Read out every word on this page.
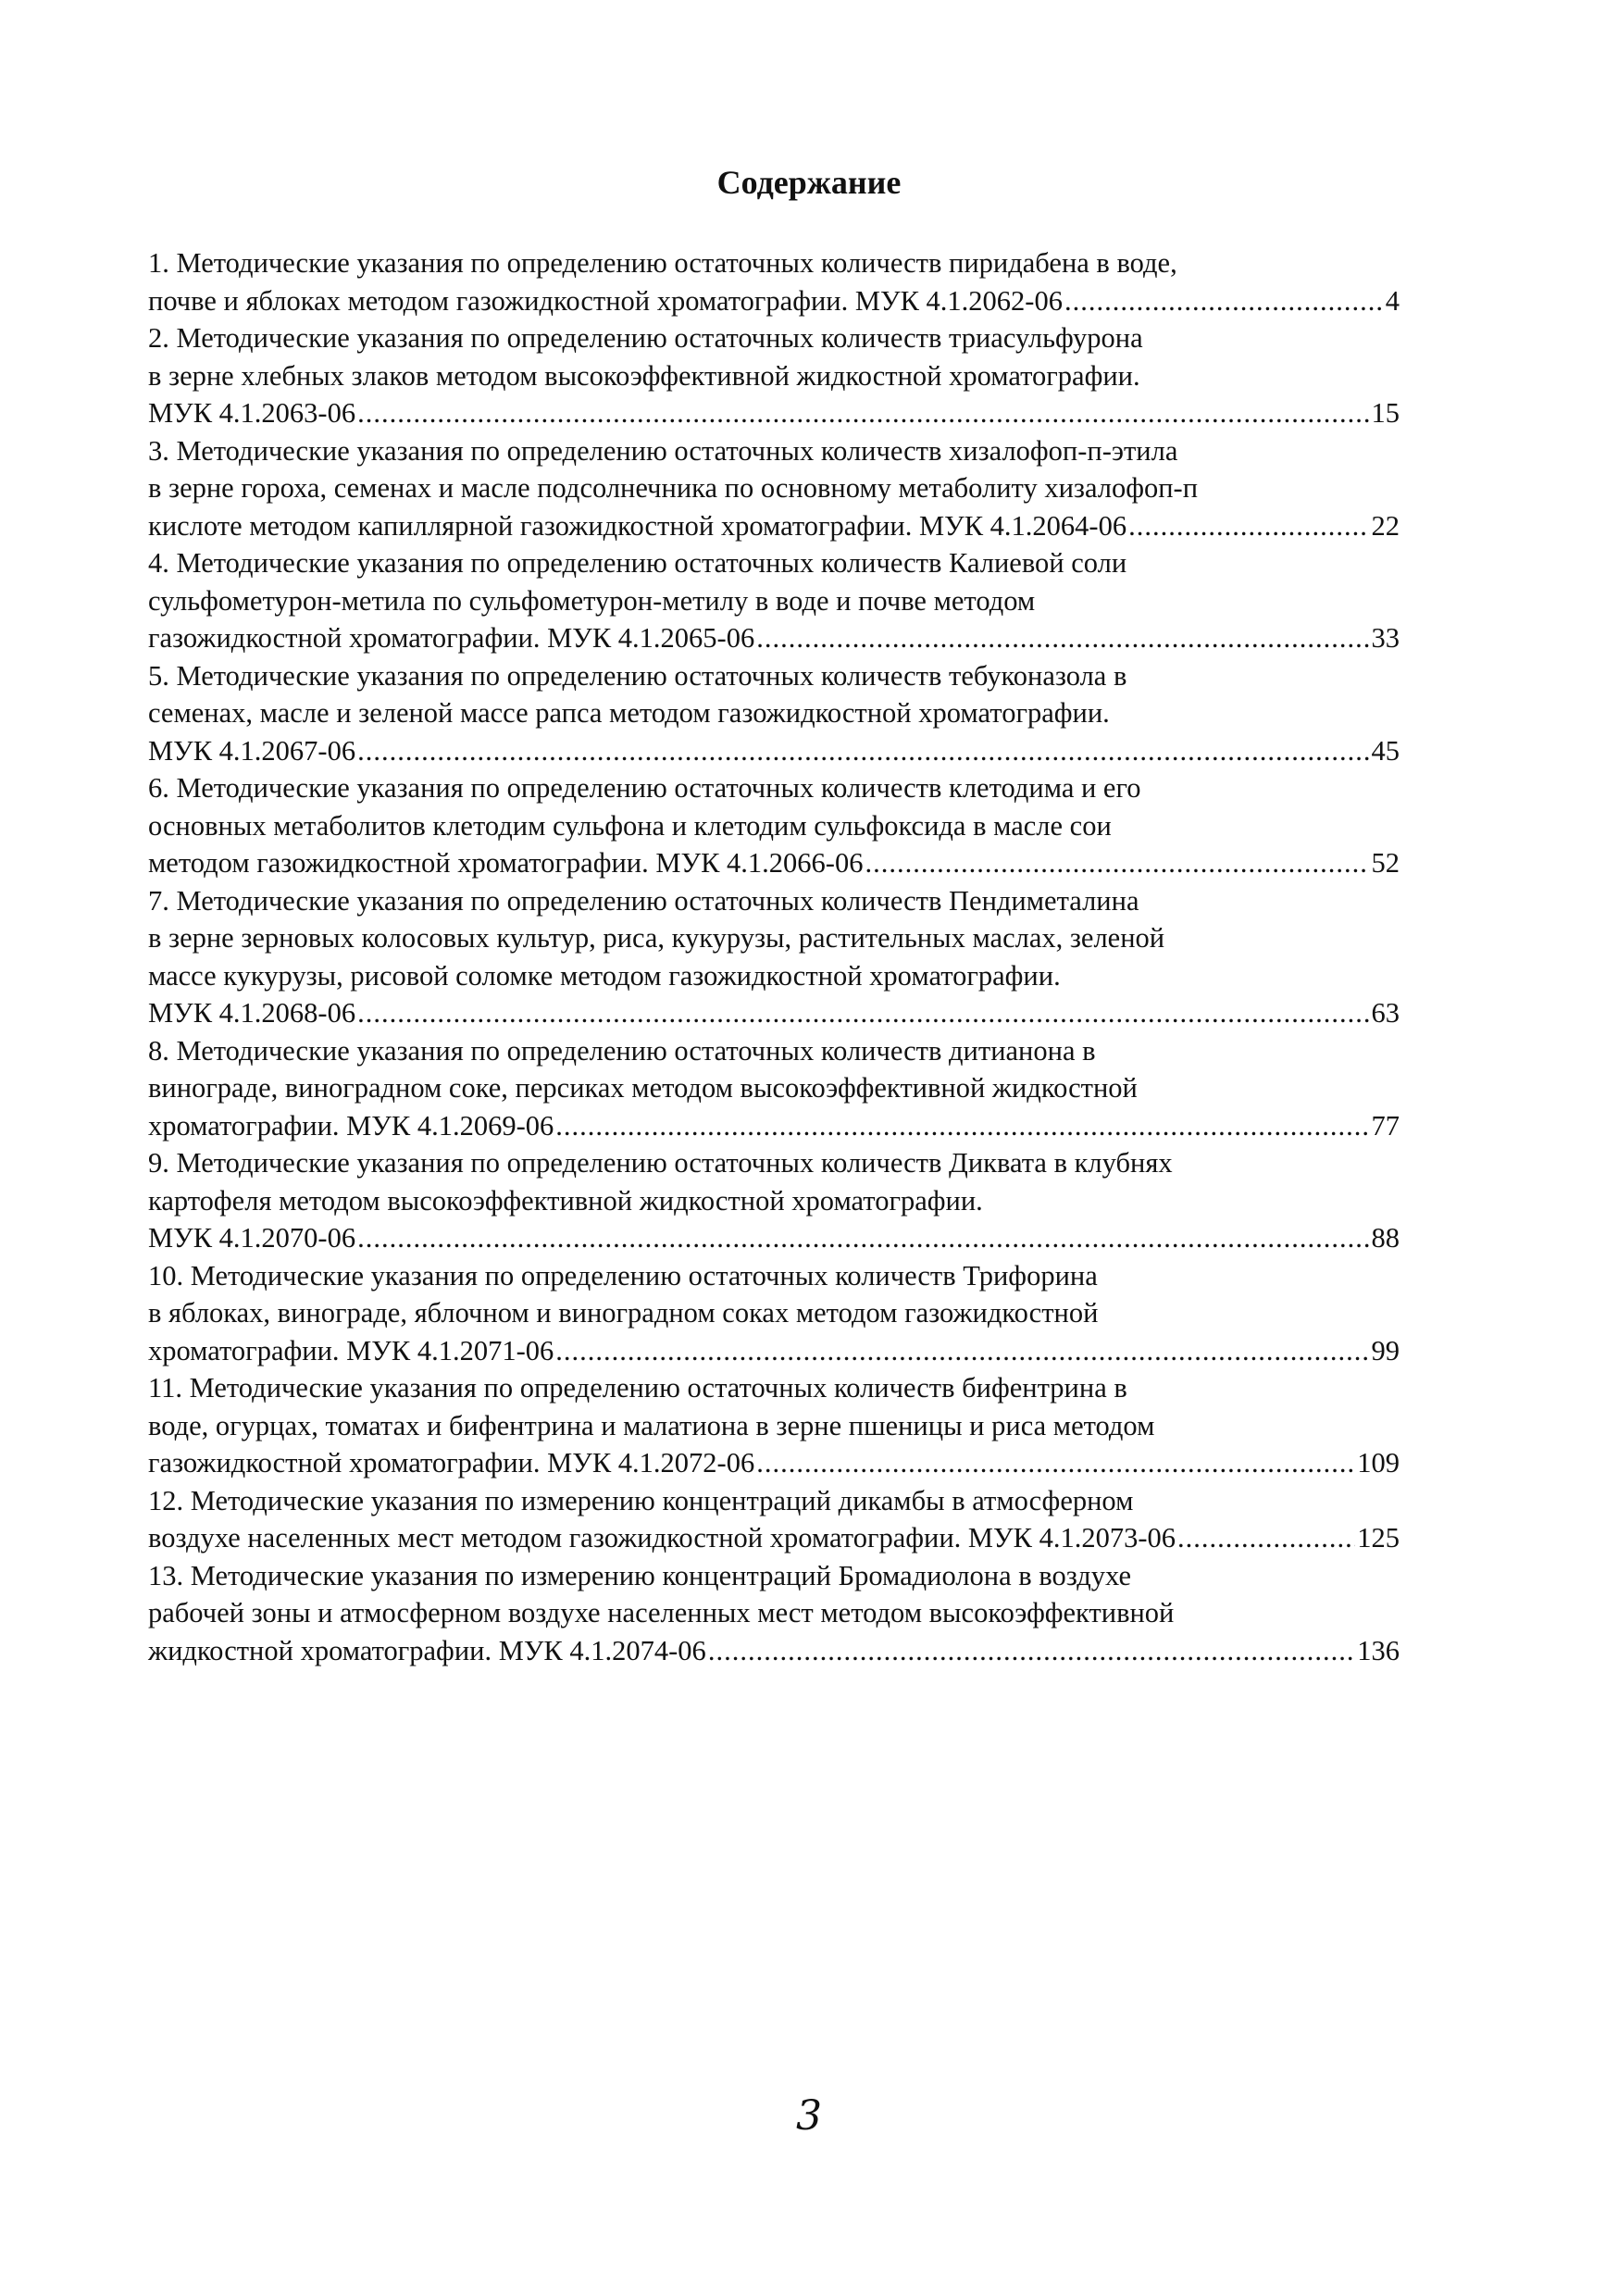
Содержание
1. Методические указания по определению остаточных количеств пиридабена в воде,
почве и яблоках методом газожидкостной хроматографии. МУК 4.1.2062-06 .....	4
2. Методические указания по определению остаточных количеств триасульфурона
в зерне хлебных злаков методом высокоэффективной жидкостной хроматографии.
МУК 4.1.2063-06 .....	15
3. Методические указания по определению остаточных количеств хизалофоп-п-этила
в зерне гороха, семенах и масле подсолнечника по основному метаболиту хизалофоп-п
кислоте методом капиллярной газожидкостной хроматографии. МУК 4.1.2064-06 .....	22
4. Методические указания по определению остаточных количеств Калиевой соли
сульфометурон-метила по сульфометурон-метилу в воде и почве методом
газожидкостной хроматографии. МУК 4.1.2065-06 .....	33
5. Методические указания по определению остаточных количеств тебуконазола в
семенах, масле и зеленой массе рапса методом газожидкостной хроматографии.
МУК 4.1.2067-06 .....	45
6. Методические указания по определению остаточных количеств клетодима и его
основных метаболитов клетодим сульфона и клетодим сульфоксида в масле сои
методом газожидкостной хроматографии. МУК 4.1.2066-06 .....	52
7. Методические указания по определению остаточных количеств Пендиметалина
в зерне зерновых колосовых культур, риса, кукурузы, растительных маслах, зеленой
массе кукурузы, рисовой соломке методом газожидкостной хроматографии.
МУК 4.1.2068-06 .....	63
8. Методические указания по определению остаточных количеств дитианона в
винограде, виноградном соке, персиках методом высокоэффективной жидкостной
хроматографии. МУК 4.1.2069-06 .....	77
9. Методические указания по определению остаточных количеств Диквата в клубнях
картофеля методом высокоэффективной жидкостной хроматографии.
МУК 4.1.2070-06 .....	88
10. Методические указания по определению остаточных количеств Трифорина
в яблоках, винограде, яблочном и виноградном соках методом газожидкостной
хроматографии. МУК 4.1.2071-06 .....	99
11. Методические указания по определению остаточных количеств бифентрина в
воде, огурцах, томатах и бифентрина и малатиона в зерне пшеницы и риса методом
газожидкостной хроматографии. МУК 4.1.2072-06 .....	109
12. Методические указания по измерению концентраций дикамбы в атмосферном
воздухе населенных мест методом газожидкостной хроматографии. МУК 4.1.2073-06 .....	125
13. Методические указания по измерению концентраций Бромадиолона в воздухе
рабочей зоны и атмосферном воздухе населенных мест методом высокоэффективной
жидкостной хроматографии. МУК 4.1.2074-06 .....	136
3
